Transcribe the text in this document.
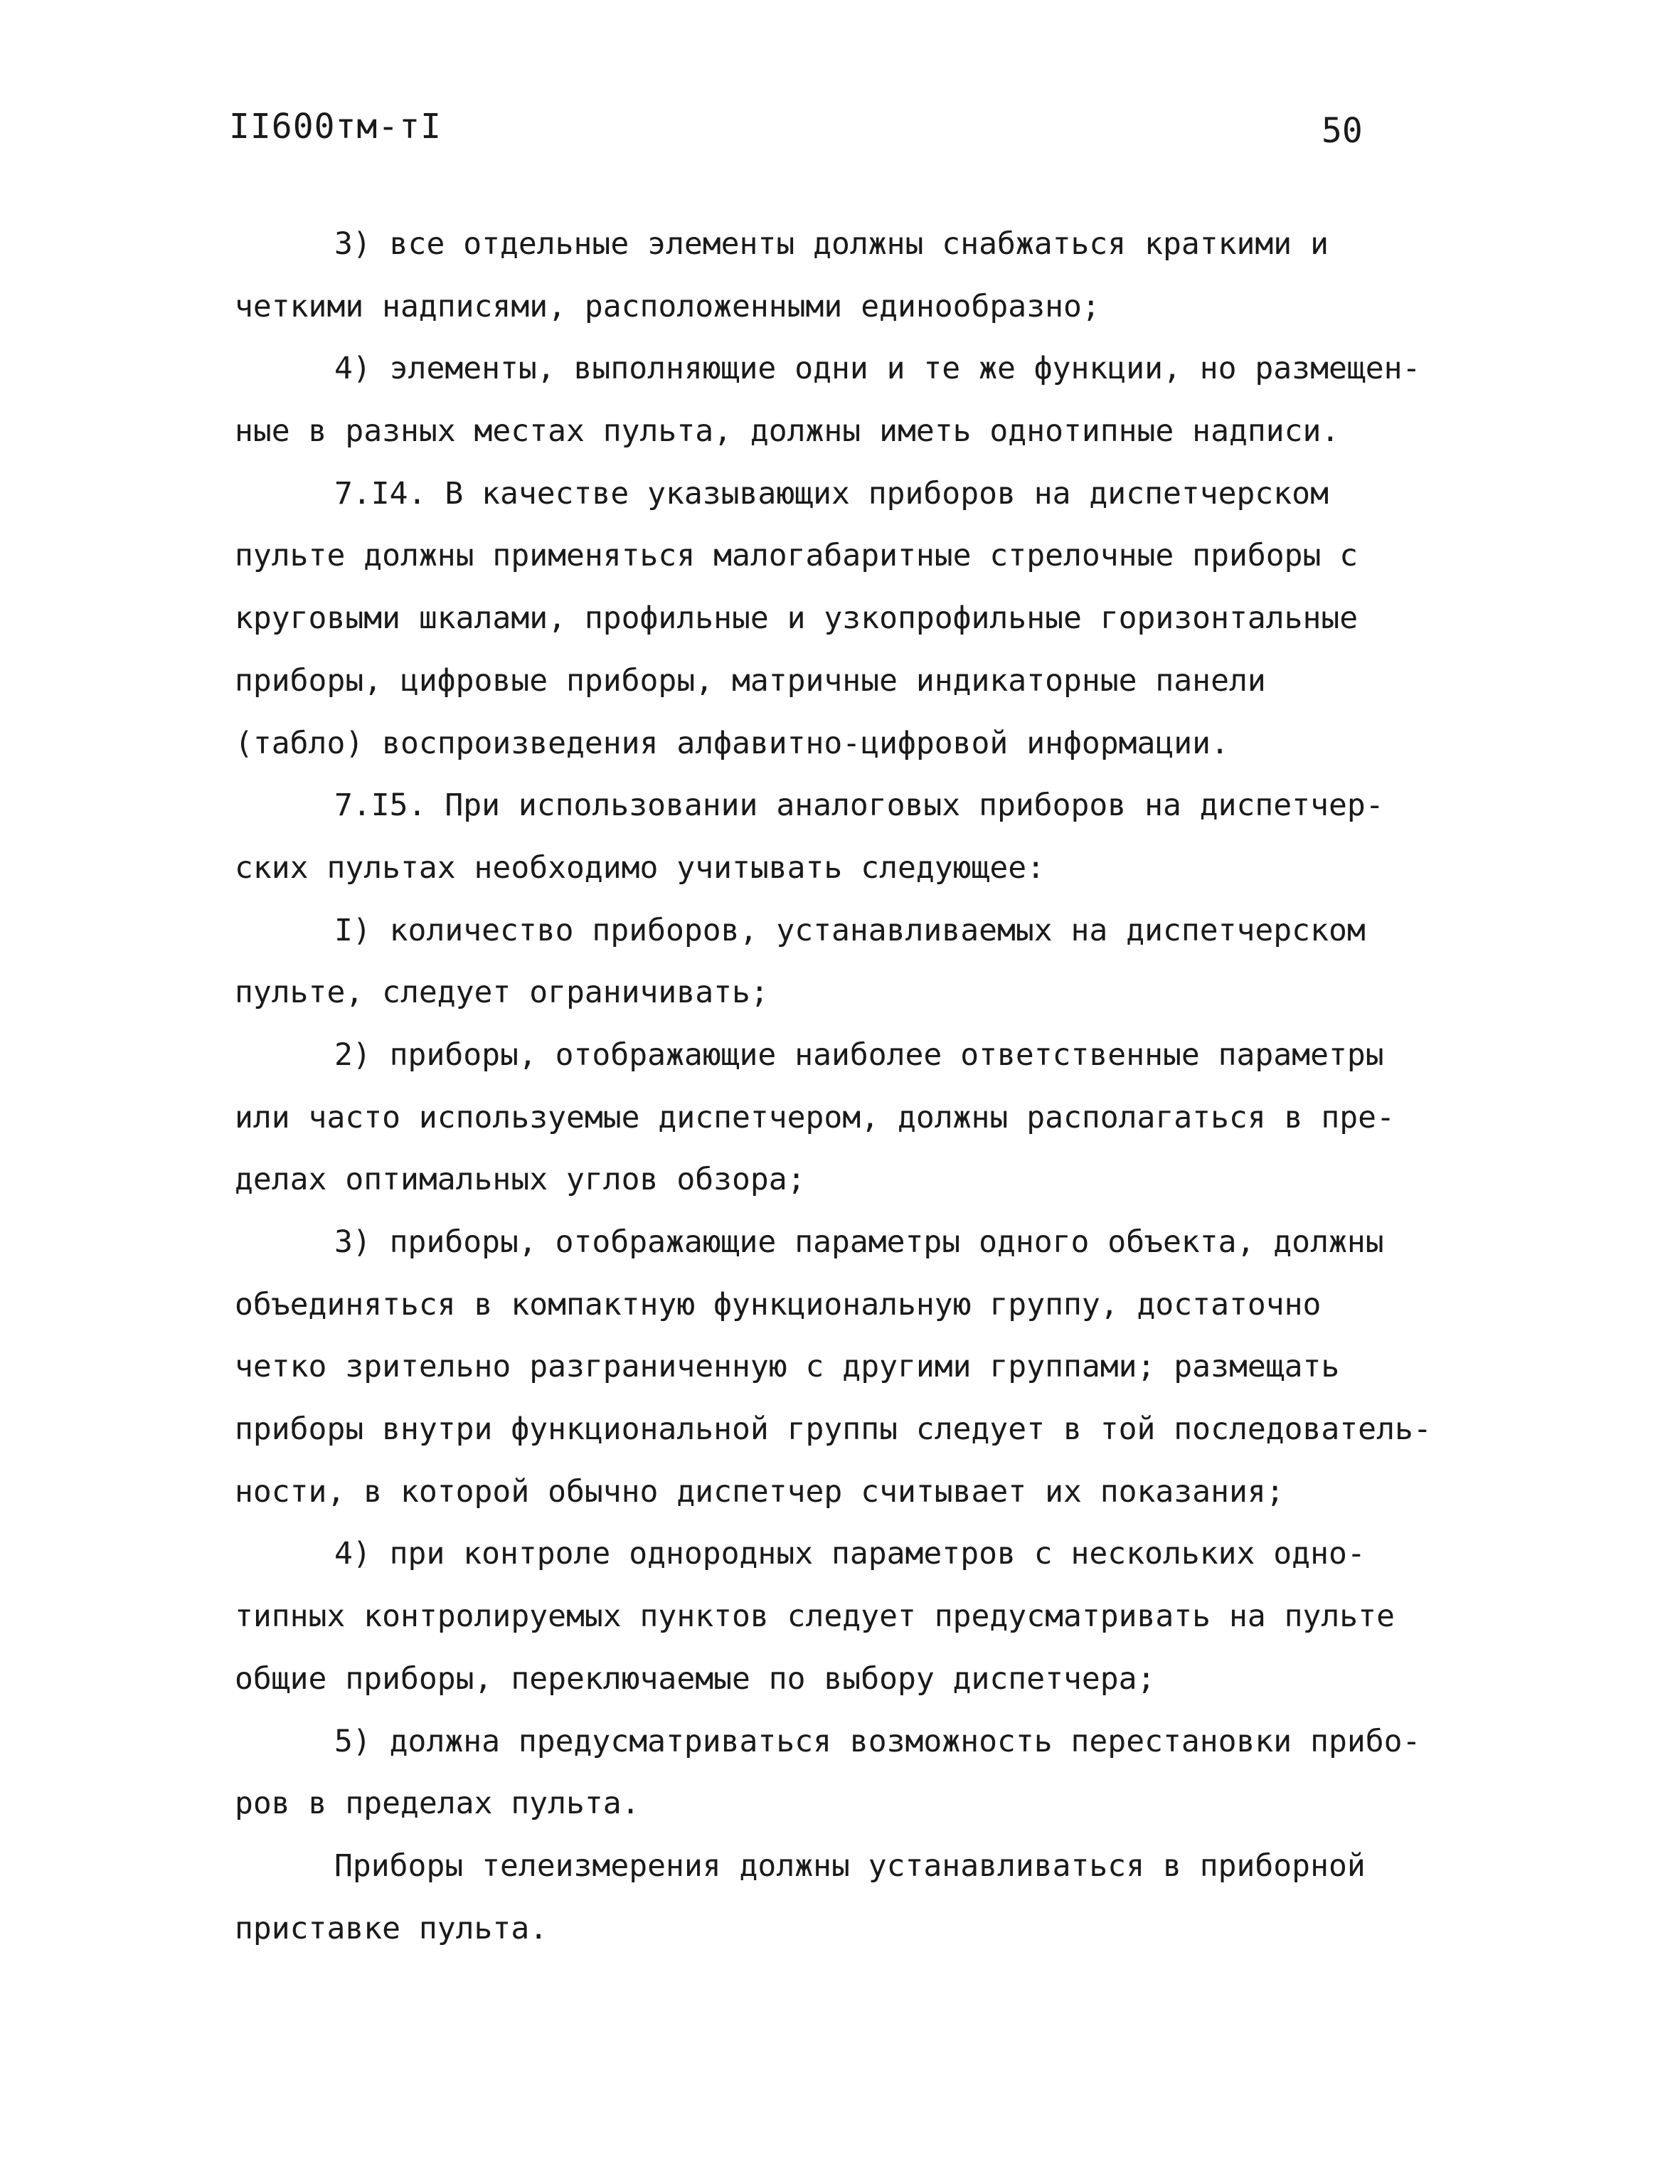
II600тм-тI	50
3) все отдельные элементы должны снабжаться краткими и
четкими надписями, расположенными единообразно;
4) элементы, выполняющие одни и те же функции, но размещен-
ные в разных местах пульта, должны иметь однотипные надписи.
7.I4. В качестве указывающих приборов на диспетчерском
пульте должны применяться малогабаритные стрелочные приборы с
круговыми шкалами, профильные и узкопрофильные горизонтальные
приборы, цифровые приборы, матричные индикаторные панели
(табло) воспроизведения алфавитно-цифровой информации.
7.I5. При использовании аналоговых приборов на диспетчер-
ских пультах необходимо учитывать следующее:
I) количество приборов, устанавливаемых на диспетчерском
пульте, следует ограничивать;
2) приборы, отображающие наиболее ответственные параметры
или часто используемые диспетчером, должны располагаться в пре-
делах оптимальных углов обзора;
3) приборы, отображающие параметры одного объекта, должны
объединяться в компактную функциональную группу, достаточно
четко зрительно разграниченную с другими группами; размещать
приборы внутри функциональной группы следует в той последователь-
ности, в которой обычно диспетчер считывает их показания;
4) при контроле однородных параметров с нескольких одно-
типных контролируемых пунктов следует предусматривать на пульте
общие приборы, переключаемые по выбору диспетчера;
5) должна предусматриваться возможность перестановки прибо-
ров в пределах пульта.
Приборы телеизмерения должны устанавливаться в приборной
приставке пульта.
